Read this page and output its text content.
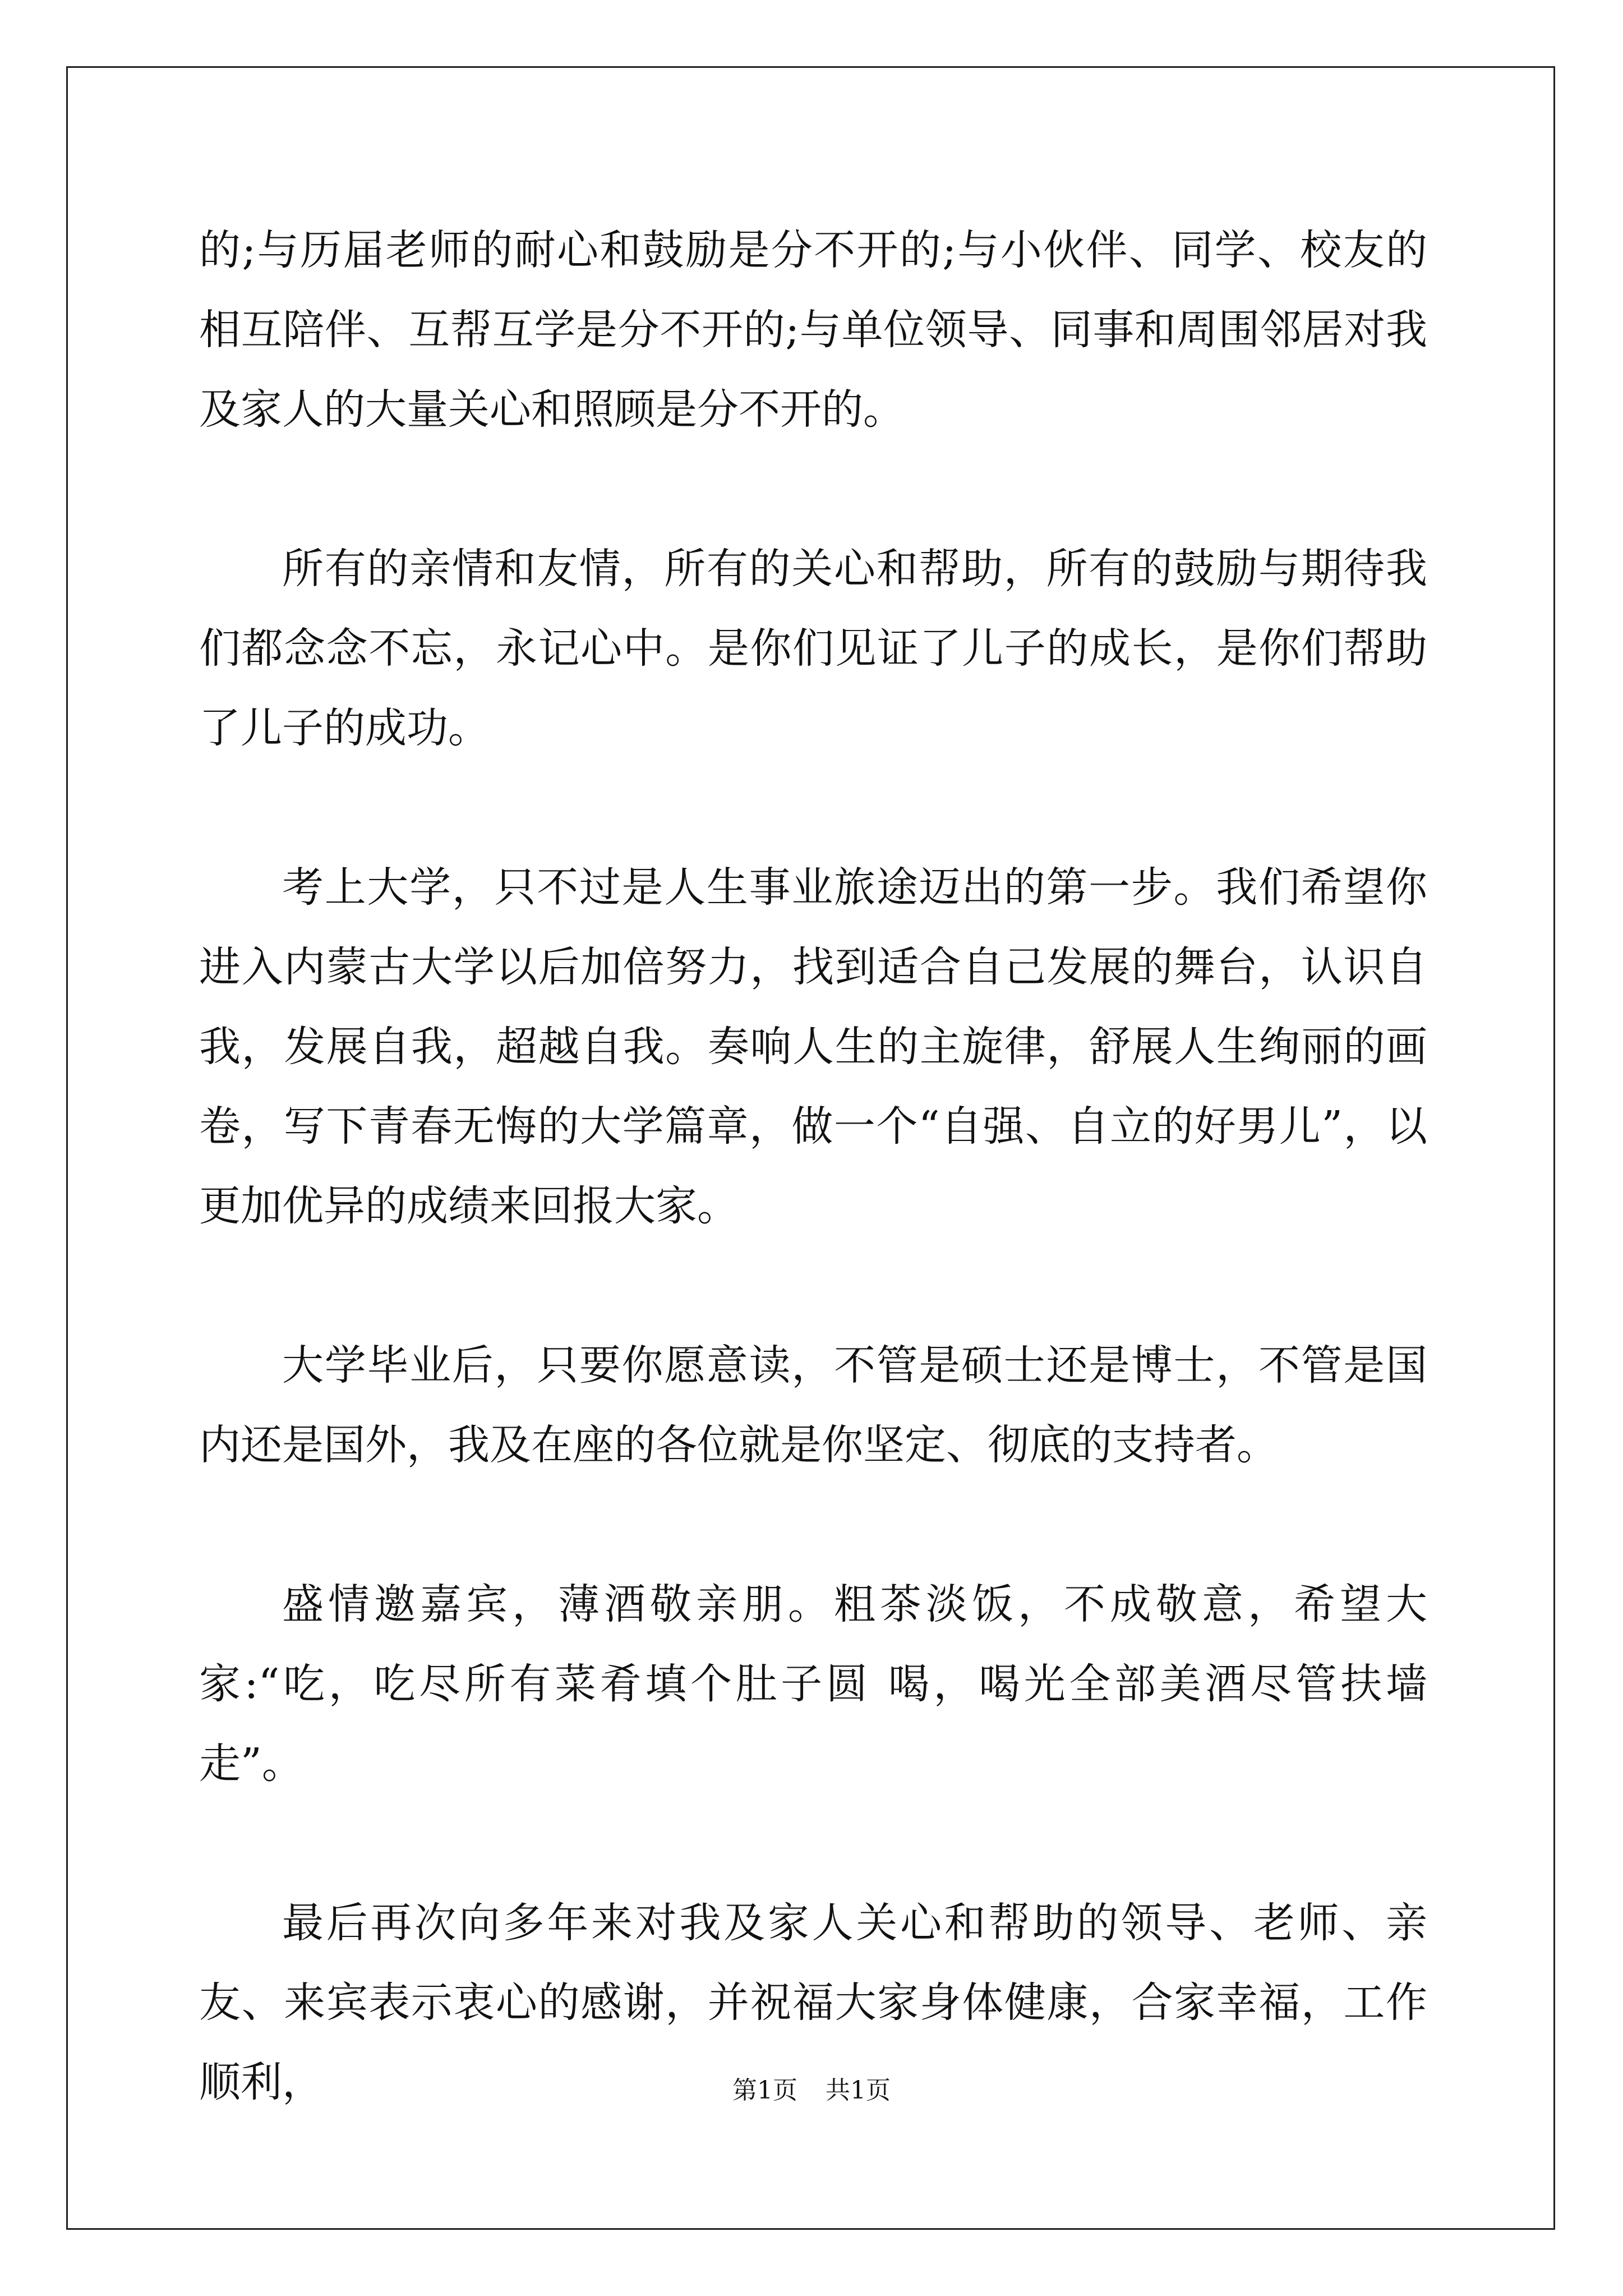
的;与历届老师的耐心和鼓励是分不开的;与小伙伴、同学、校友的相互陪伴、互帮互学是分不开的;与单位领导、同事和周围邻居对我及家人的大量关心和照顾是分不开的。

所有的亲情和友情，所有的关心和帮助，所有的鼓励与期待我们都念念不忘，永记心中。是你们见证了儿子的成长，是你们帮助了儿子的成功。

考上大学，只不过是人生事业旅途迈出的第一步。我们希望你进入内蒙古大学以后加倍努力，找到适合自己发展的舞台，认识自我，发展自我，超越自我。奏响人生的主旋律，舒展人生绚丽的画卷，写下青春无悔的大学篇章，做一个“自强、自立的好男儿”，以更加优异的成绩来回报大家。

大学毕业后，只要你愿意读，不管是硕士还是博士，不管是国内还是国外，我及在座的各位就是你坚定、彻底的支持者。

盛情邀嘉宾，薄酒敬亲朋。粗茶淡饭，不成敬意，希望大家:“吃，吃尽所有菜肴填个肚子圆 喝，喝光全部美酒尽管扶墙走”。

最后再次向多年来对我及家人关心和帮助的领导、老师、亲友、来宾表示衷心的感谢，并祝福大家身体健康，合家幸福，工作顺利，	第1页 共1页
